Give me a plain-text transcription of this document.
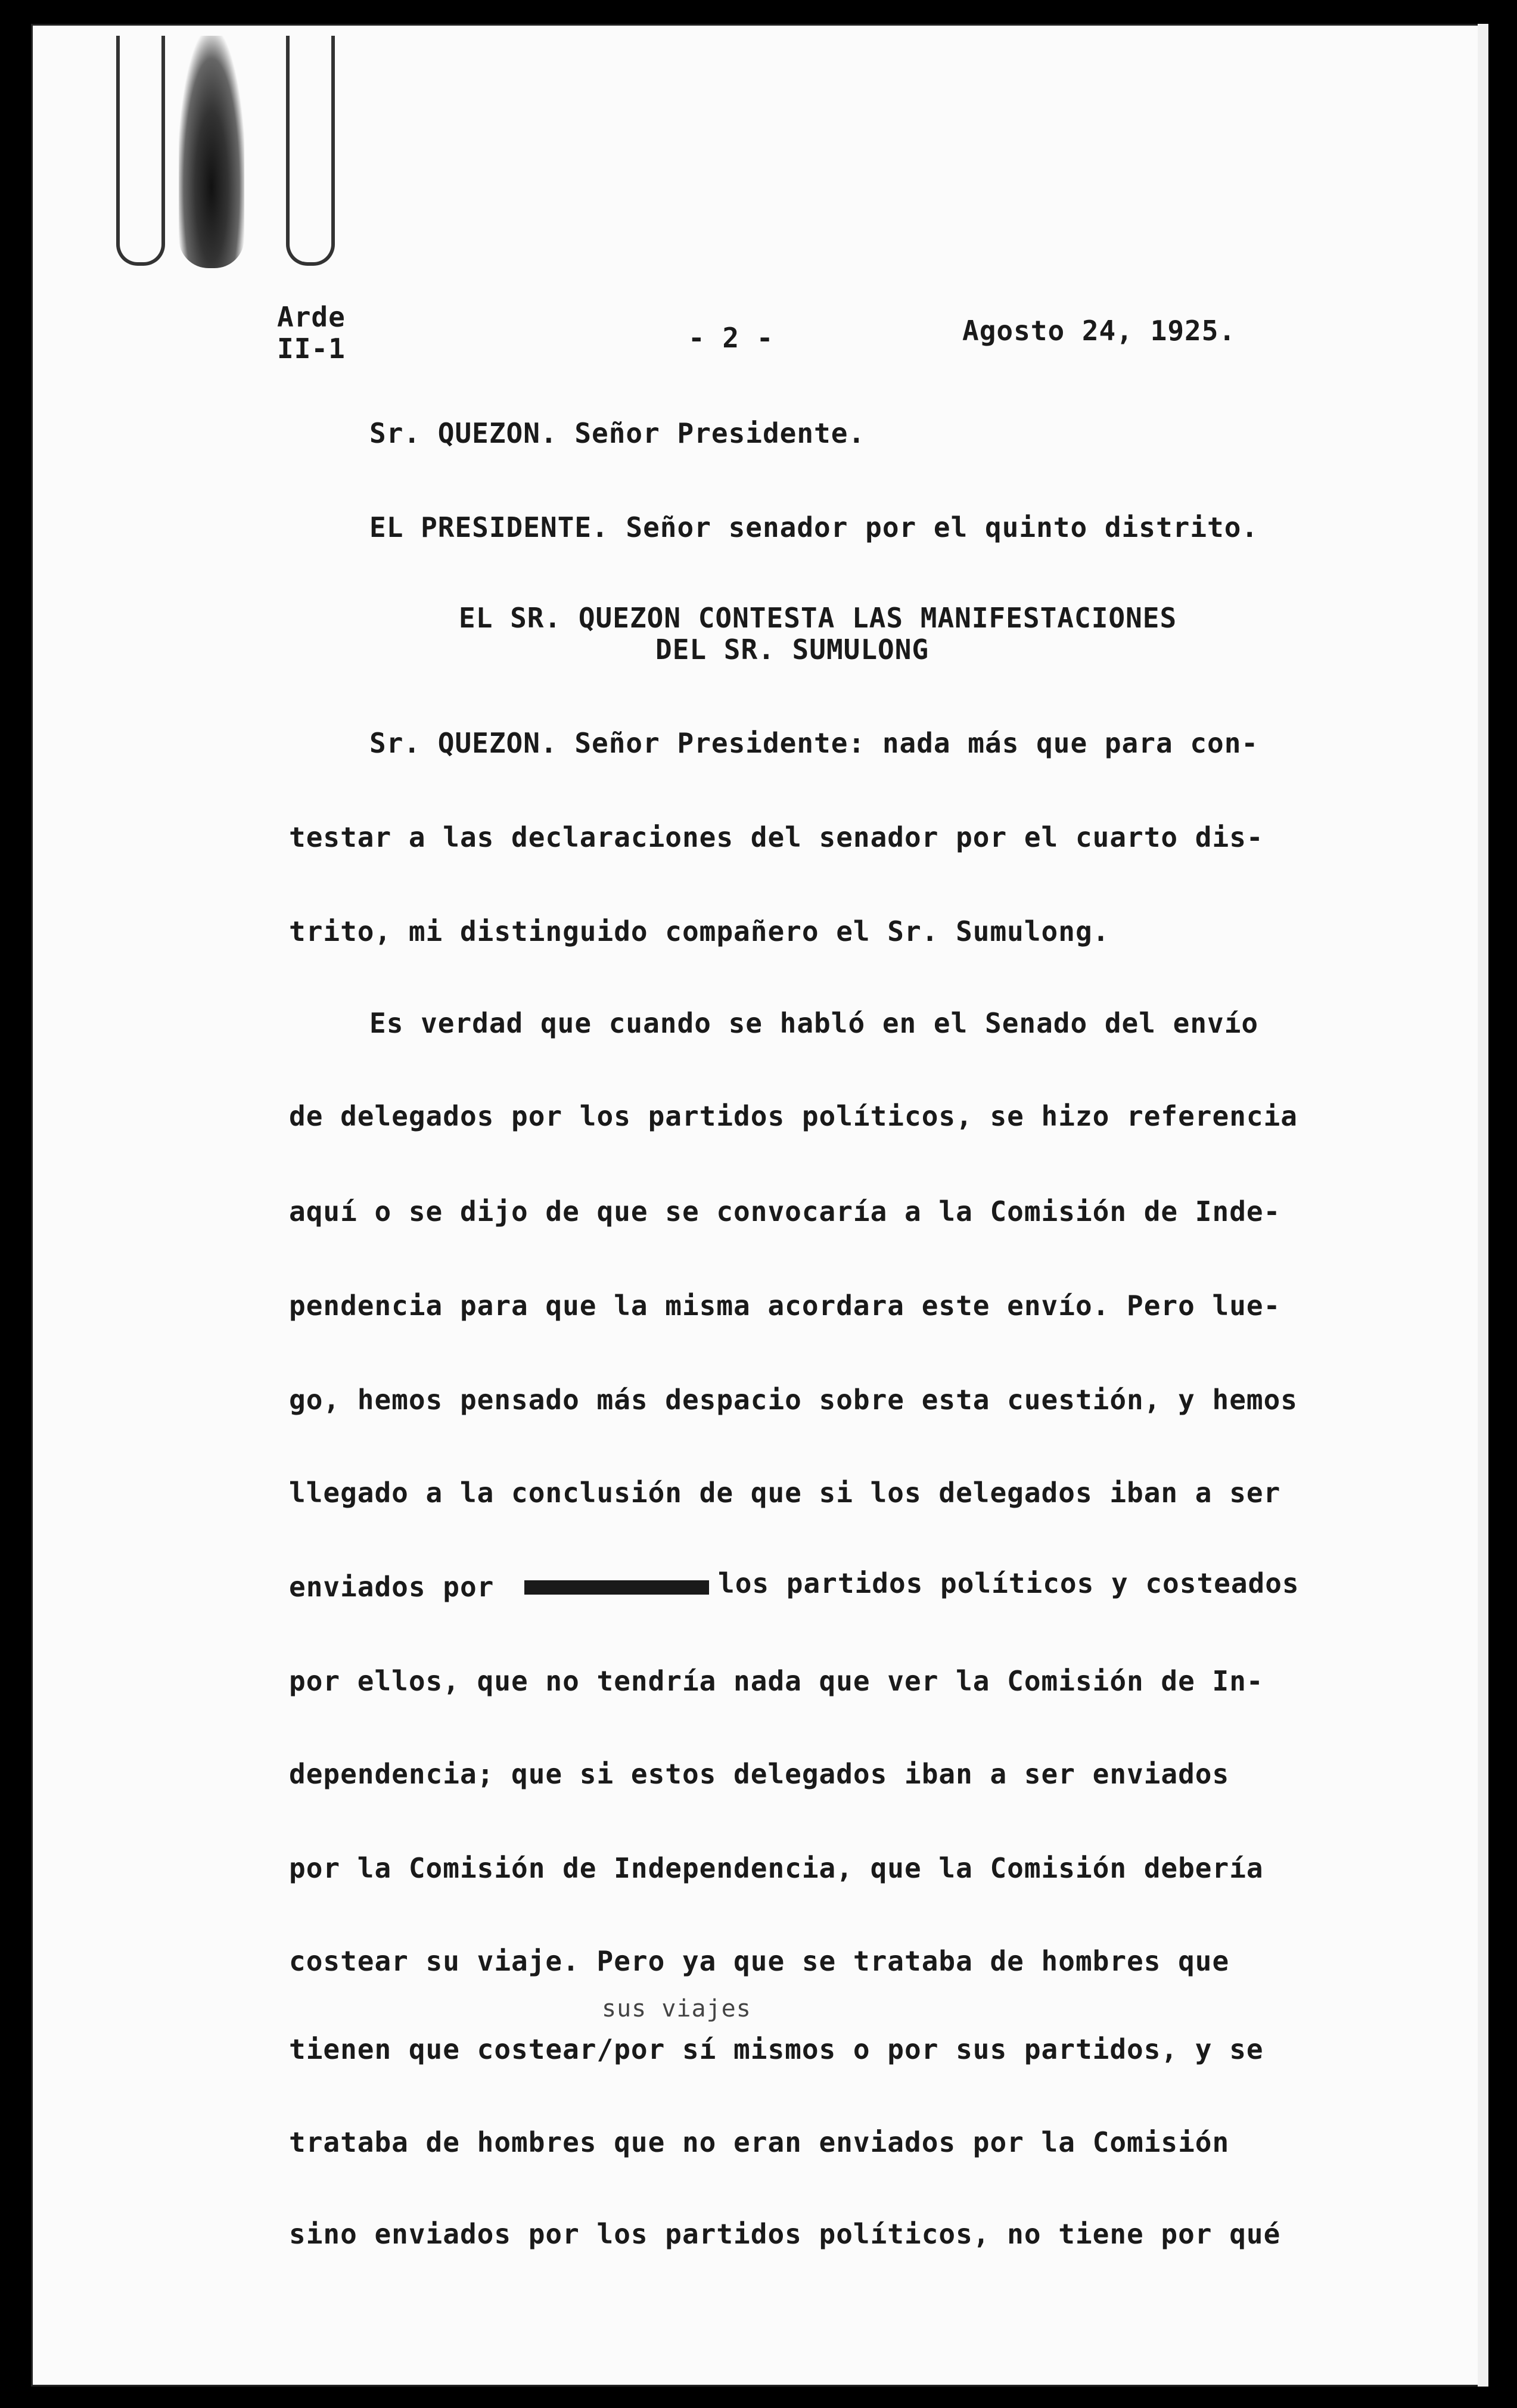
Arde
II-1	- 2 -	Agosto 24, 1925.
Sr. QUEZON. Señor Presidente.
EL PRESIDENTE. Señor senador por el quinto distrito.
EL SR. QUEZON CONTESTA LAS MANIFESTACIONES
DEL SR. SUMULONG
Sr. QUEZON. Señor Presidente: nada más que para con-
testar a las declaraciones del senador por el cuarto dis-
trito, mi distinguido compañero el Sr. Sumulong.
Es verdad que cuando se habló en el Senado del envío
de delegados por los partidos políticos, se hizo referencia
aquí o se dijo de que se convocaría a la Comisión de Inde-
pendencia para que la misma acordara este envío. Pero lue-
go, hemos pensado más despacio sobre esta cuestión, y hemos
llegado a la conclusión de que si los delegados iban a ser
enviados por	los partidos políticos y costeados
por ellos, que no tendría nada que ver la Comisión de In-
dependencia; que si estos delegados iban a ser enviados
por la Comisión de Independencia, que la Comisión debería
costear su viaje. Pero ya que se trataba de hombres que
sus viajes
tienen que costear/por sí mismos o por sus partidos, y se
trataba de hombres que no eran enviados por la Comisión
sino enviados por los partidos políticos, no tiene por qué
